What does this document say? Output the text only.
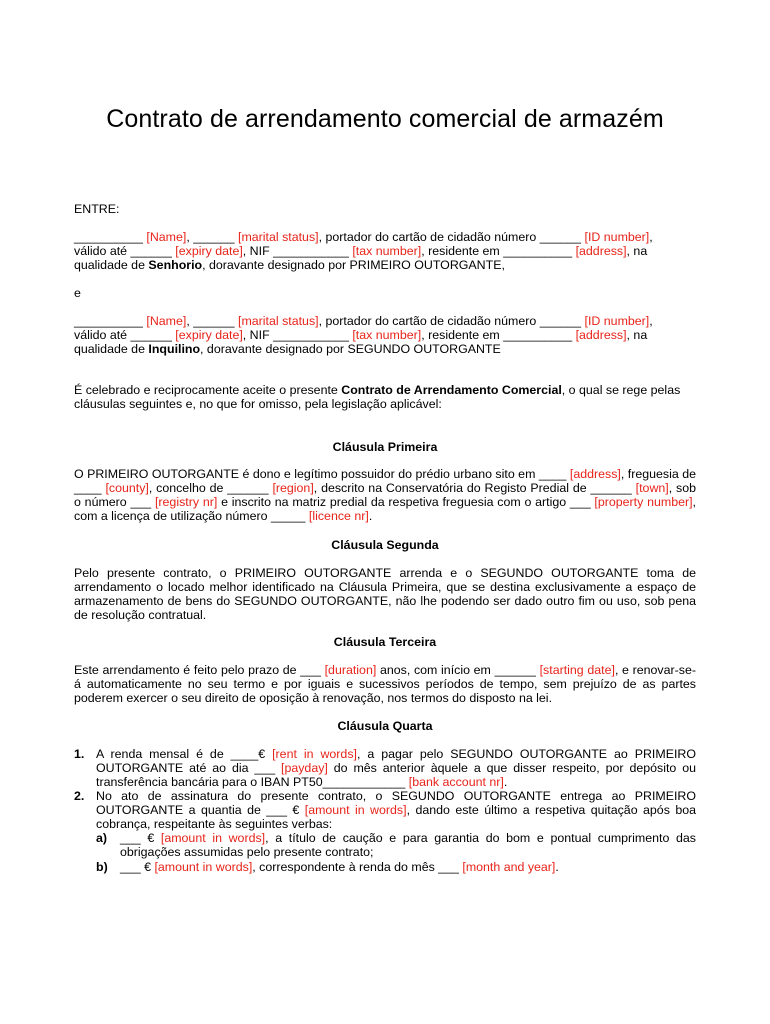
Contrato de arrendamento comercial de armazém
ENTRE:
__________ [Name], ______ [marital status], portador do cartão de cidadão número ______ [ID number],
válido até ______ [expiry date], NIF ___________ [tax number], residente em __________ [address], na
qualidade de Senhorio, doravante designado por PRIMEIRO OUTORGANTE,
e
__________ [Name], ______ [marital status], portador do cartão de cidadão número ______ [ID number],
válido até ______ [expiry date], NIF ___________ [tax number], residente em __________ [address], na
qualidade de Inquilino, doravante designado por SEGUNDO OUTORGANTE
É celebrado e reciprocamente aceite o presente Contrato de Arrendamento Comercial, o qual se rege pelas cláusulas seguintes e, no que for omisso, pela legislação aplicável:
Cláusula Primeira
O PRIMEIRO OUTORGANTE é dono e legítimo possuidor do prédio urbano sito em ____ [address], freguesia de ____ [county], concelho de ______ [region], descrito na Conservatória do Registo Predial de ______ [town], sob o número ___ [registry nr] e inscrito na matriz predial da respetiva freguesia com o artigo ___ [property number], com a licença de utilização número _____ [licence nr].
Cláusula Segunda
Pelo presente contrato, o PRIMEIRO OUTORGANTE arrenda e o SEGUNDO OUTORGANTE toma de arrendamento o locado melhor identificado na Cláusula Primeira, que se destina exclusivamente a espaço de armazenamento de bens do SEGUNDO OUTORGANTE, não lhe podendo ser dado outro fim ou uso, sob pena de resolução contratual.
Cláusula Terceira
Este arrendamento é feito pelo prazo de ___ [duration] anos, com início em ______ [starting date], e renovar-se-á automaticamente no seu termo e por iguais e sucessivos períodos de tempo, sem prejuízo de as partes poderem exercer o seu direito de oposição à renovação, nos termos do disposto na lei.
Cláusula Quarta
1. A renda mensal é de ____€ [rent in words], a pagar pelo SEGUNDO OUTORGANTE ao PRIMEIRO OUTORGANTE até ao dia ___ [payday] do mês anterior àquele a que disser respeito, por depósito ou transferência bancária para o IBAN PT50____________ [bank account nr].
2. No ato de assinatura do presente contrato, o SEGUNDO OUTORGANTE entrega ao PRIMEIRO OUTORGANTE a quantia de ___ € [amount in words], dando este último a respetiva quitação após boa cobrança, respeitante às seguintes verbas:
a) ___ € [amount in words], a título de caução e para garantia do bom e pontual cumprimento das obrigações assumidas pelo presente contrato;
b) ___ € [amount in words], correspondente à renda do mês ___ [month and year].
